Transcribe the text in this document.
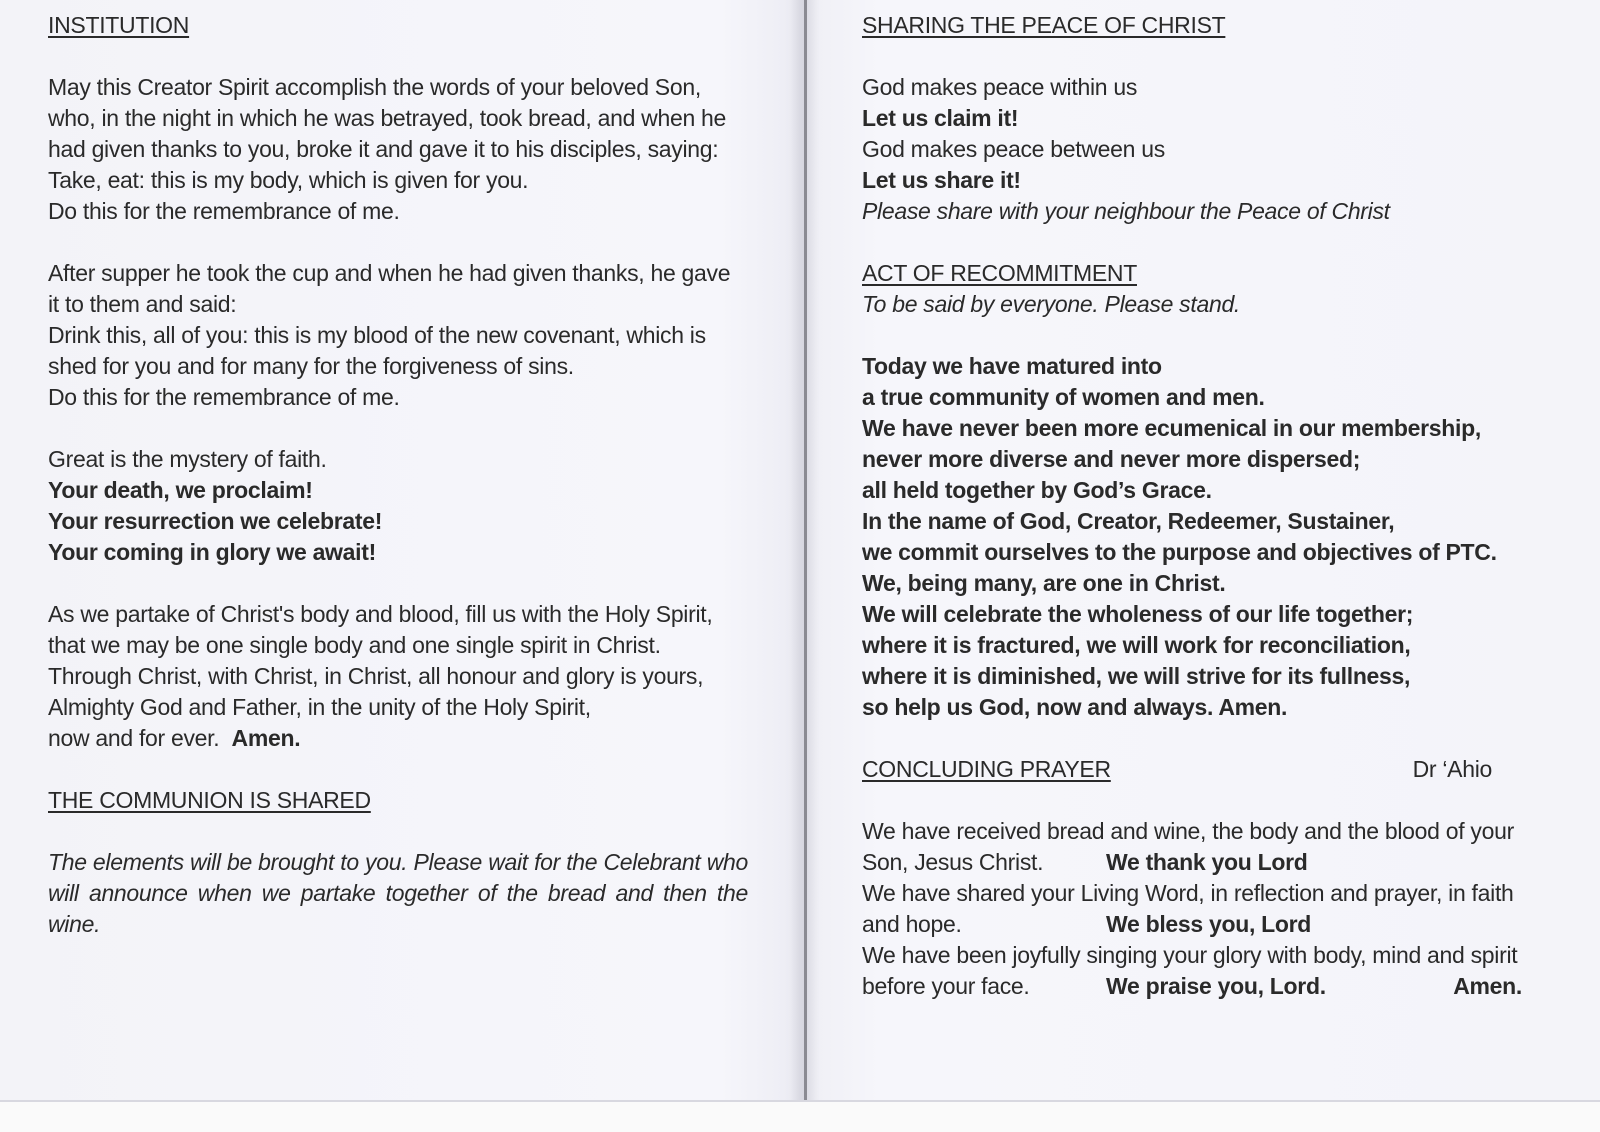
INSTITUTION

May this Creator Spirit accomplish the words of your beloved Son,

who, in the night in which he was betrayed, took bread, and when he

had given thanks to you, broke it and gave it to his disciples, saying:

Take, eat: this is my body, which is given for you.

Do this for the remembrance of me.

After supper he took the cup and when he had given thanks, he gave

it to them and said:

Drink this, all of you: this is my blood of the new covenant, which is

shed for you and for many for the forgiveness of sins.

Do this for the remembrance of me.

Great is the mystery of faith.

Your death, we proclaim!

Your resurrection we celebrate!

Your coming in glory we await!

As we partake of Christ's body and blood, fill us with the Holy Spirit,

that we may be one single body and one single spirit in Christ.

Through Christ, with Christ, in Christ, all honour and glory is yours,

Almighty God and Father, in the unity of the Holy Spirit,

now and for ever. Amen.

THE COMMUNION IS SHARED

The elements will be brought to you. Please wait for the Celebrant who will announce when we partake together of the bread and then the wine.

SHARING THE PEACE OF CHRIST

God makes peace within us

Let us claim it!

God makes peace between us

Let us share it!

Please share with your neighbour the Peace of Christ

ACT OF RECOMMITMENT

To be said by everyone. Please stand.

Today we have matured into

a true community of women and men.

We have never been more ecumenical in our membership,

never more diverse and never more dispersed;

all held together by God’s Grace.

In the name of God, Creator, Redeemer, Sustainer,

we commit ourselves to the purpose and objectives of PTC.

We, being many, are one in Christ.

We will celebrate the wholeness of our life together;

where it is fractured, we will work for reconciliation,

where it is diminished, we will strive for its fullness,

so help us God, now and always. Amen.

CONCLUDING PRAYER	Dr ‘Ahio

We have received bread and wine, the body and the blood of your

Son, Jesus Christ.	We thank you Lord

We have shared your Living Word, in reflection and prayer, in faith

and hope.	We bless you, Lord

We have been joyfully singing your glory with body, mind and spirit

before your face.	We praise you, Lord.	Amen.
